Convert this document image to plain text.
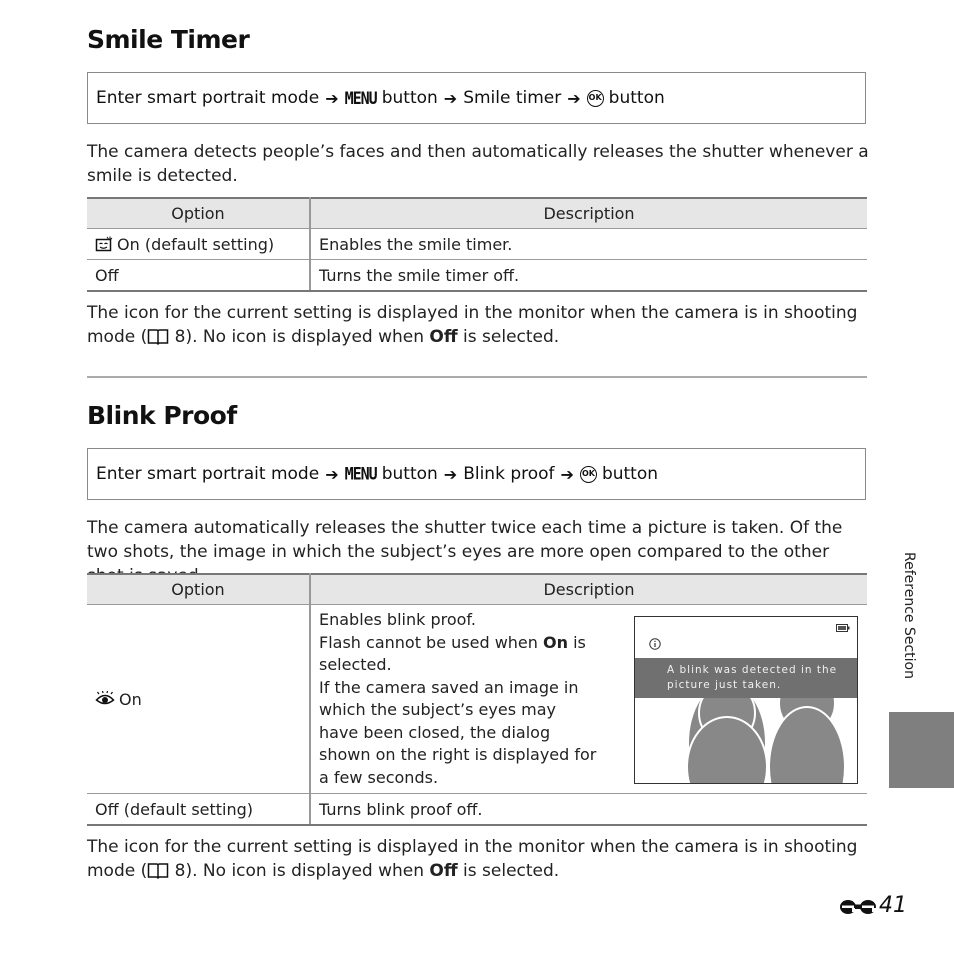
Smile Timer
Enter smart portrait mode ➔ MENU button ➔ Smile timer ➔ OK button

The camera detects people’s faces and then automatically releases the shutter whenever a smile is detected.

Option	Description
On (default setting)	Enables the smile timer.
Off	Turns the smile timer off.

The icon for the current setting is displayed in the monitor when the camera is in shooting mode ( 8). No icon is displayed when Off is selected.

Blink Proof
Enter smart portrait mode ➔ MENU button ➔ Blink proof ➔ OK button

The camera automatically releases the shutter twice each time a picture is taken. Of the two shots, the image in which the subject’s eyes are more open compared to the other

Option	Description
On	Enables blink proof.
Flash cannot be used when On is selected.
If the camera saved an image in which the subject’s eyes may have been closed, the dialog shown on the right is displayed for a few seconds.

Off (default setting)	Turns blink proof off.
A blink was detected in the picture just taken.

The icon for the current setting is displayed in the monitor when the camera is in shooting mode ( 8). No icon is displayed when Off is selected.

Reference Section
41
